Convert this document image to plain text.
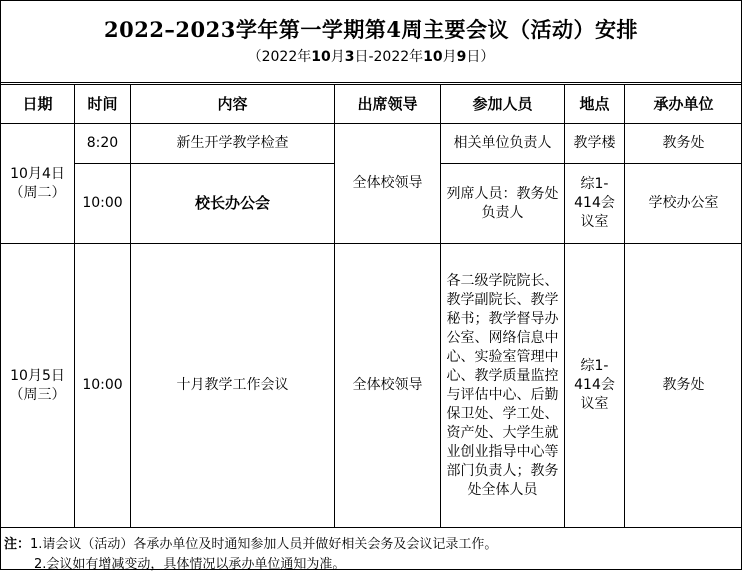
2022–2023学年第一学期第4周主要会议（活动）安排
（2022年10月3日-2022年10月9日）
日期	时间	内容	出席领导	参加人员	地点	承办单位
10月4日
（周二）	8:20	新生开学教学检查	全体校领导	相关单位负责人	教学楼	教务处
	10:00	校长办公会		列席人员：教务处负责人	综1-414会议室	学校办公室
10月5日
（周三）	10:00	十月教学工作会议	全体校领导	各二级学院院长、教学副院长、教学秘书；教学督导办公室、网络信息中心、实验室管理中心、教学质量监控与评估中心、后勤保卫处、学工处、资产处、大学生就业创业指导中心等部门负责人；教务处全体人员	综1-414会议室	教务处
注：1.请会议（活动）各承办单位及时通知参加人员并做好相关会务及会议记录工作。
2.会议如有增减变动，具体情况以承办单位通知为准。
